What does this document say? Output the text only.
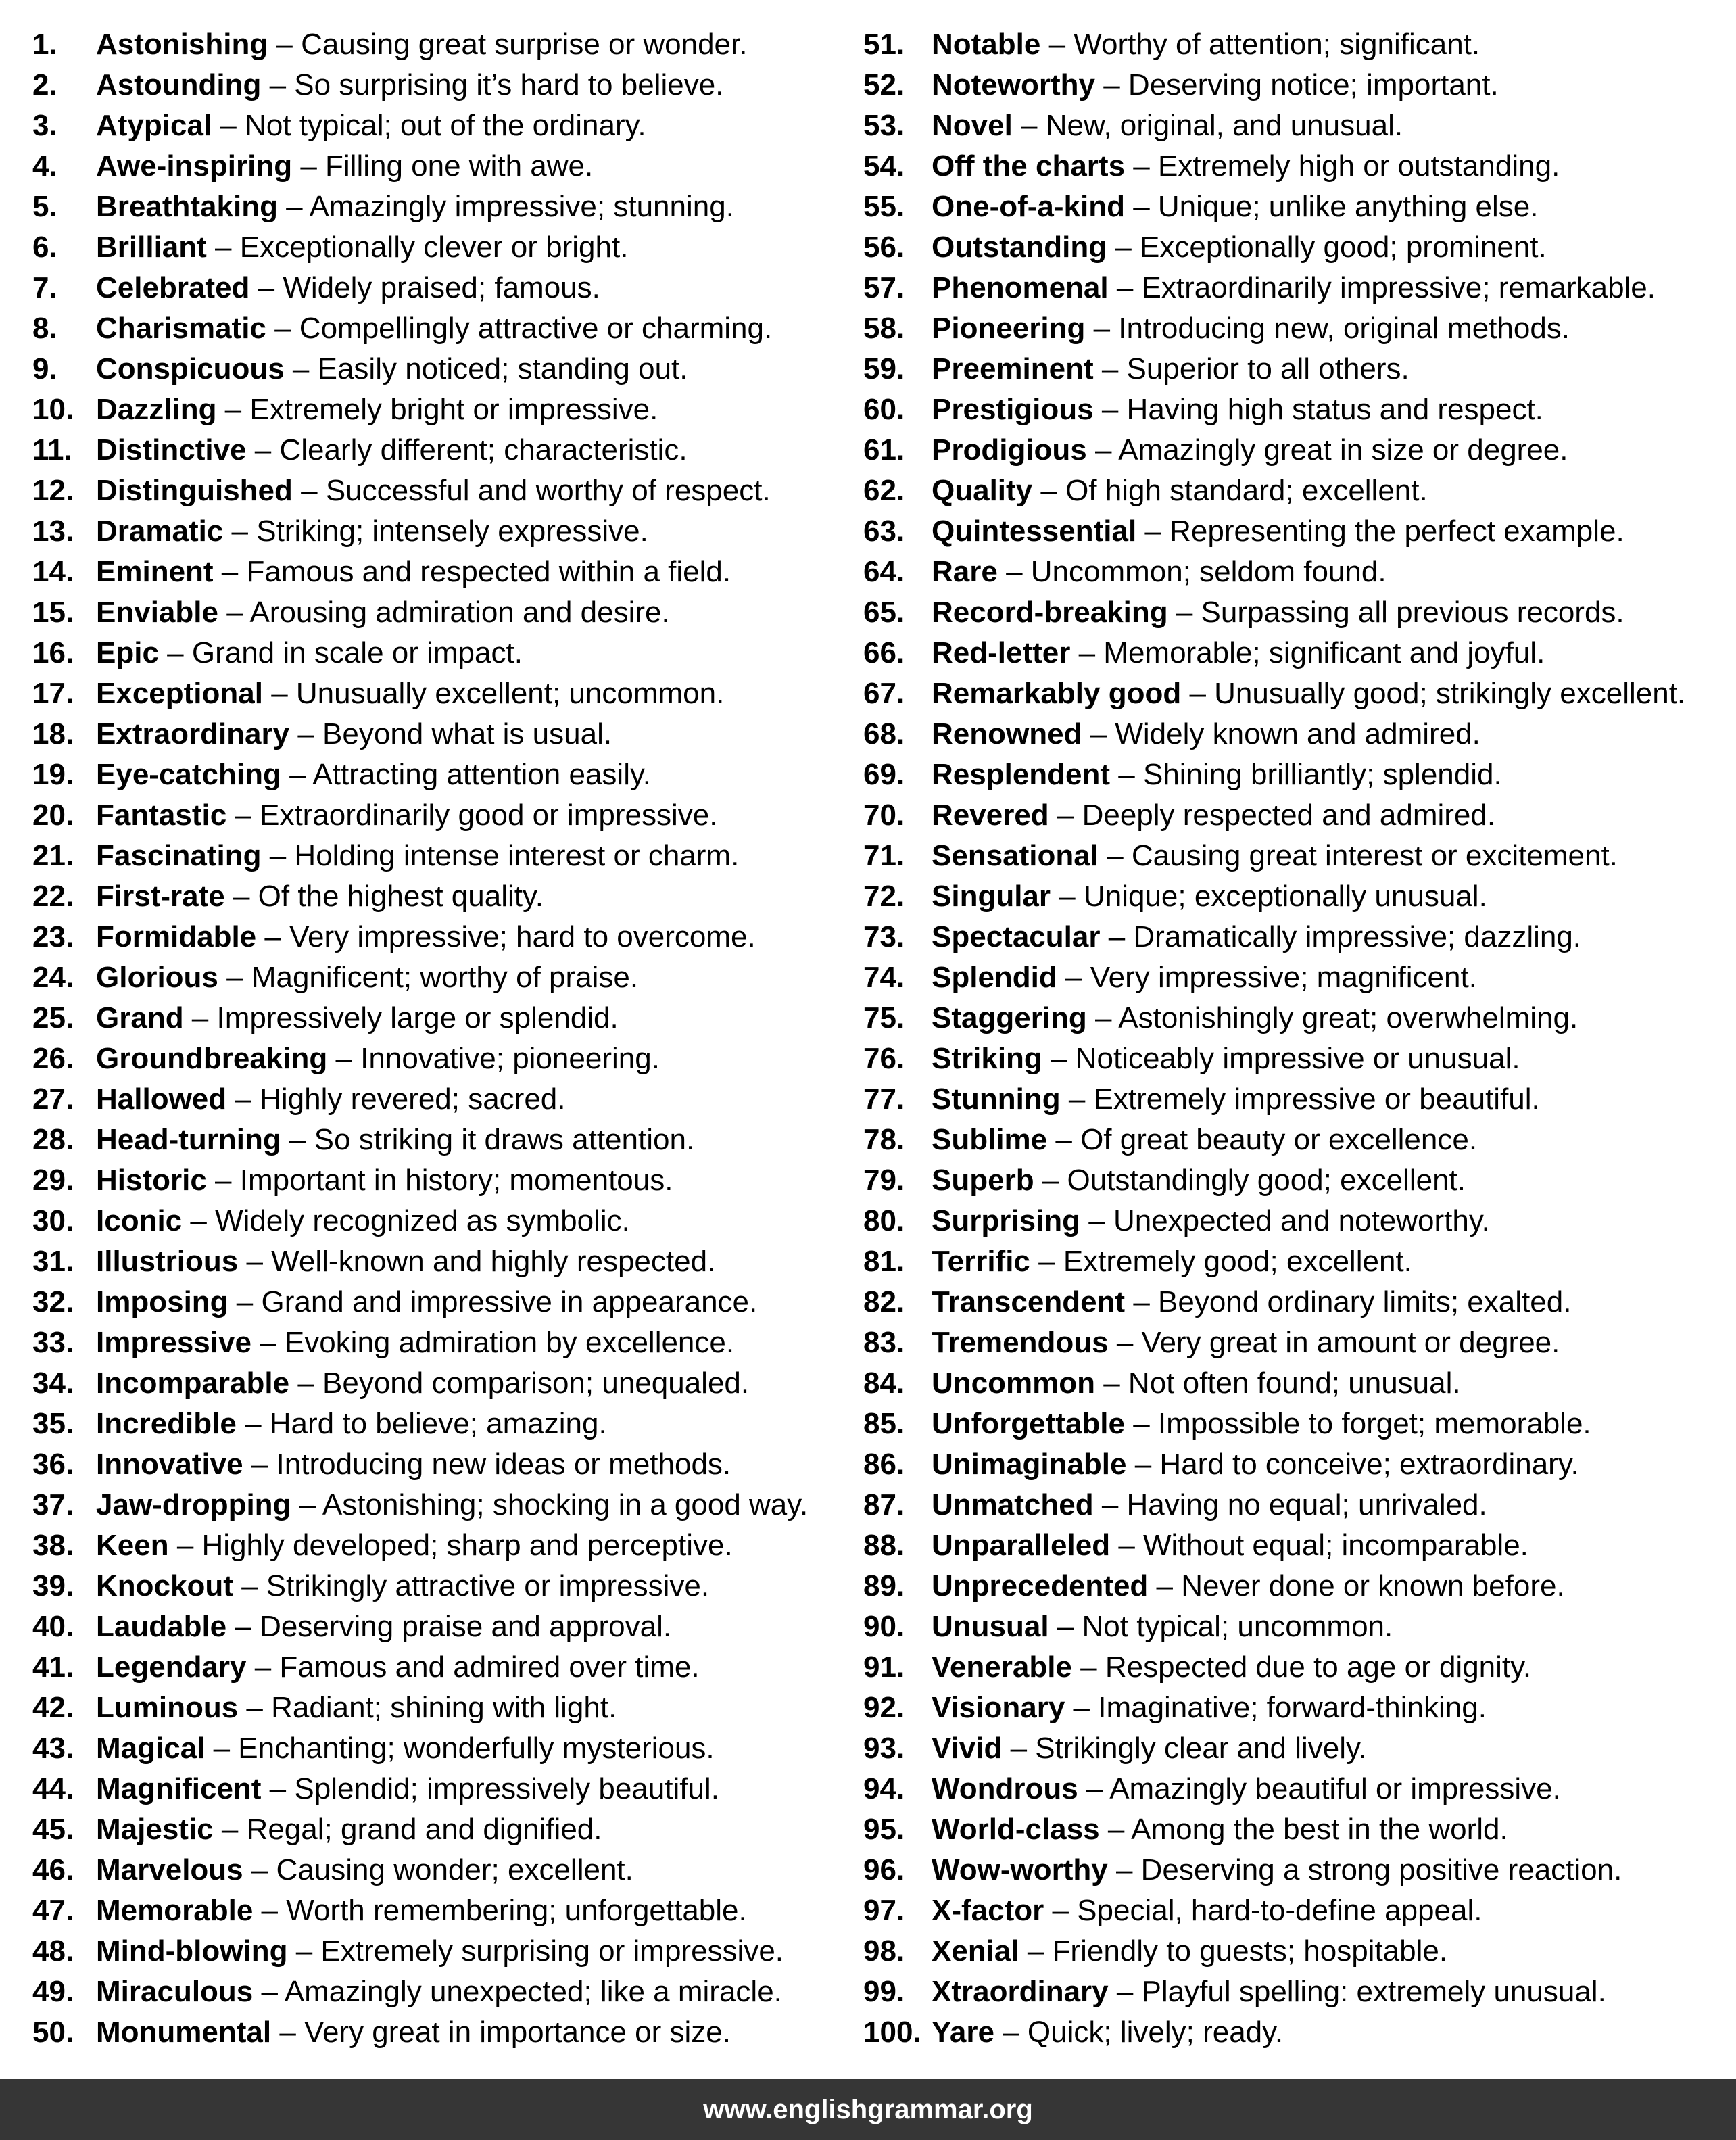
1.	Astonishing – Causing great surprise or wonder.
2.	Astounding – So surprising it’s hard to believe.
3.	Atypical – Not typical; out of the ordinary.
4.	Awe-inspiring – Filling one with awe.
5.	Breathtaking – Amazingly impressive; stunning.
6.	Brilliant – Exceptionally clever or bright.
7.	Celebrated – Widely praised; famous.
8.	Charismatic – Compellingly attractive or charming.
9.	Conspicuous – Easily noticed; standing out.
10. Dazzling – Extremely bright or impressive.
11. Distinctive – Clearly different; characteristic.
12. Distinguished – Successful and worthy of respect.
13. Dramatic – Striking; intensely expressive.
14. Eminent – Famous and respected within a field.
15. Enviable – Arousing admiration and desire.
16. Epic – Grand in scale or impact.
17. Exceptional – Unusually excellent; uncommon.
18. Extraordinary – Beyond what is usual.
19. Eye-catching – Attracting attention easily.
20. Fantastic – Extraordinarily good or impressive.
21. Fascinating – Holding intense interest or charm.
22. First-rate – Of the highest quality.
23. Formidable – Very impressive; hard to overcome.
24. Glorious – Magnificent; worthy of praise.
25. Grand – Impressively large or splendid.
26. Groundbreaking – Innovative; pioneering.
27. Hallowed – Highly revered; sacred.
28. Head-turning – So striking it draws attention.
29. Historic – Important in history; momentous.
30. Iconic – Widely recognized as symbolic.
31. Illustrious – Well-known and highly respected.
32. Imposing – Grand and impressive in appearance.
33. Impressive – Evoking admiration by excellence.
34. Incomparable – Beyond comparison; unequaled.
35. Incredible – Hard to believe; amazing.
36. Innovative – Introducing new ideas or methods.
37. Jaw-dropping – Astonishing; shocking in a good way.
38. Keen – Highly developed; sharp and perceptive.
39. Knockout – Strikingly attractive or impressive.
40. Laudable – Deserving praise and approval.
41. Legendary – Famous and admired over time.
42. Luminous – Radiant; shining with light.
43. Magical – Enchanting; wonderfully mysterious.
44. Magnificent – Splendid; impressively beautiful.
45. Majestic – Regal; grand and dignified.
46. Marvelous – Causing wonder; excellent.
47. Memorable – Worth remembering; unforgettable.
48. Mind-blowing – Extremely surprising or impressive.
49. Miraculous – Amazingly unexpected; like a miracle.
50. Monumental – Very great in importance or size.
51. Notable – Worthy of attention; significant.
52. Noteworthy – Deserving notice; important.
53. Novel – New, original, and unusual.
54. Off the charts – Extremely high or outstanding.
55. One-of-a-kind – Unique; unlike anything else.
56. Outstanding – Exceptionally good; prominent.
57. Phenomenal – Extraordinarily impressive; remarkable.
58. Pioneering – Introducing new, original methods.
59. Preeminent – Superior to all others.
60. Prestigious – Having high status and respect.
61. Prodigious – Amazingly great in size or degree.
62. Quality – Of high standard; excellent.
63. Quintessential – Representing the perfect example.
64. Rare – Uncommon; seldom found.
65. Record-breaking – Surpassing all previous records.
66. Red-letter – Memorable; significant and joyful.
67. Remarkably good – Unusually good; strikingly excellent.
68. Renowned – Widely known and admired.
69. Resplendent – Shining brilliantly; splendid.
70. Revered – Deeply respected and admired.
71. Sensational – Causing great interest or excitement.
72. Singular – Unique; exceptionally unusual.
73. Spectacular – Dramatically impressive; dazzling.
74. Splendid – Very impressive; magnificent.
75. Staggering – Astonishingly great; overwhelming.
76. Striking – Noticeably impressive or unusual.
77. Stunning – Extremely impressive or beautiful.
78. Sublime – Of great beauty or excellence.
79. Superb – Outstandingly good; excellent.
80. Surprising – Unexpected and noteworthy.
81. Terrific – Extremely good; excellent.
82. Transcendent – Beyond ordinary limits; exalted.
83. Tremendous – Very great in amount or degree.
84. Uncommon – Not often found; unusual.
85. Unforgettable – Impossible to forget; memorable.
86. Unimaginable – Hard to conceive; extraordinary.
87. Unmatched – Having no equal; unrivaled.
88. Unparalleled – Without equal; incomparable.
89. Unprecedented – Never done or known before.
90. Unusual – Not typical; uncommon.
91. Venerable – Respected due to age or dignity.
92. Visionary – Imaginative; forward-thinking.
93. Vivid – Strikingly clear and lively.
94. Wondrous – Amazingly beautiful or impressive.
95. World-class – Among the best in the world.
96. Wow-worthy – Deserving a strong positive reaction.
97. X-factor – Special, hard-to-define appeal.
98. Xenial – Friendly to guests; hospitable.
99. Xtraordinary – Playful spelling: extremely unusual.
100. Yare – Quick; lively; ready.
www.englishgrammar.org
